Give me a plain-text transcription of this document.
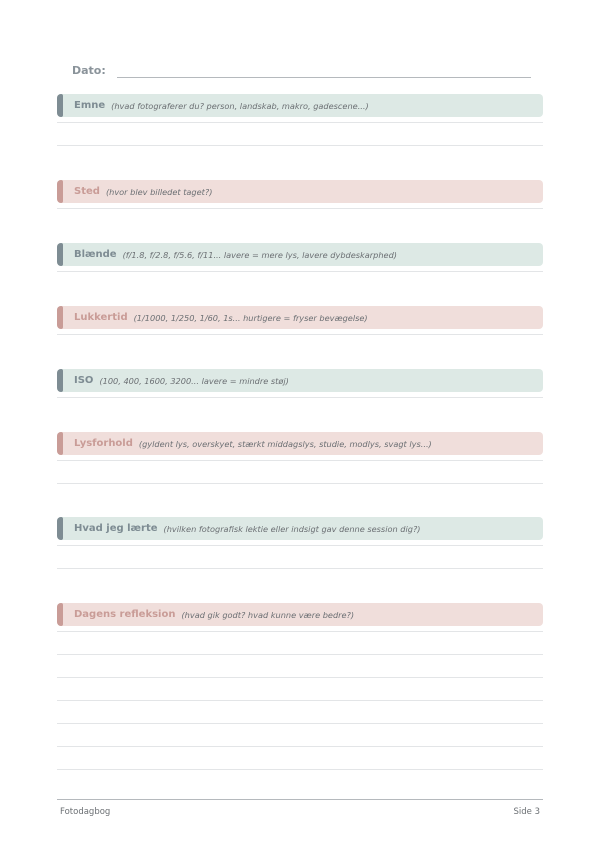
Dato:
Emne (hvad fotograferer du? person, landskab, makro, gadescene...)
Sted (hvor blev billedet taget?)
Blænde (f/1.8, f/2.8, f/5.6, f/11... lavere = mere lys, lavere dybdeskarphed)
Lukkertid (1/1000, 1/250, 1/60, 1s... hurtigere = fryser bevægelse)
ISO (100, 400, 1600, 3200... lavere = mindre støj)
Lysforhold (gyldent lys, overskyet, stærkt middagslys, studie, modlys, svagt lys...)
Hvad jeg lærte (hvilken fotografisk lektie eller indsigt gav denne session dig?)
Dagens refleksion (hvad gik godt? hvad kunne være bedre?)
Fotodagbog	Side 3
